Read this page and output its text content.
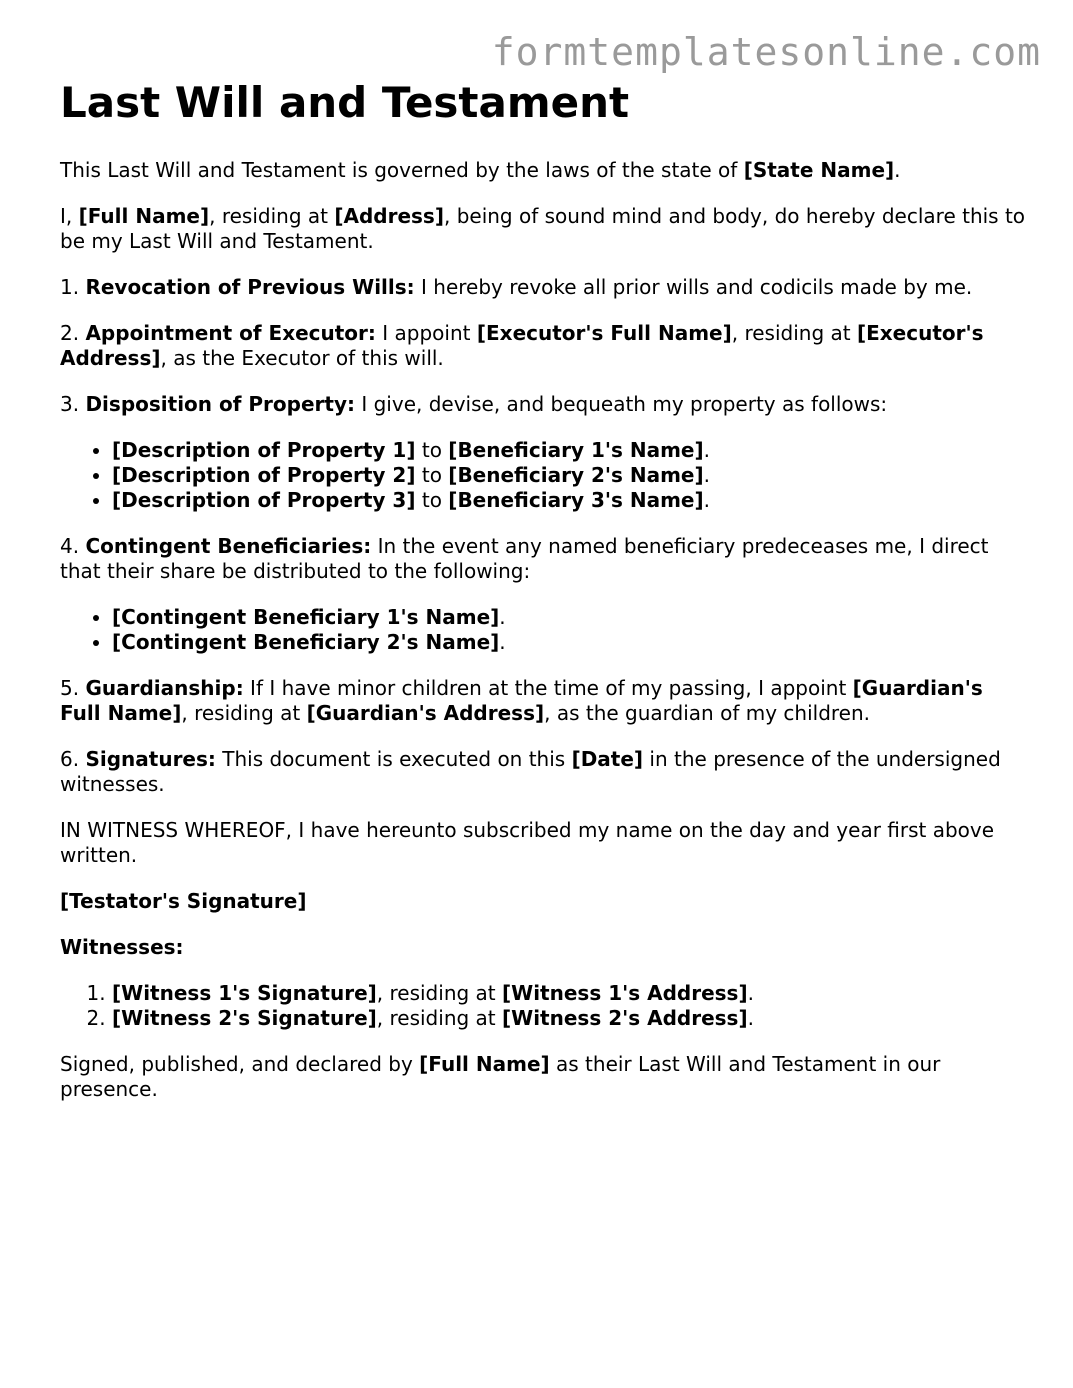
formtemplatesonline.com
Last Will and Testament

This Last Will and Testament is governed by the laws of the state of [State Name].

I, [Full Name], residing at [Address], being of sound mind and body, do hereby declare this to be my Last Will and Testament.

1. Revocation of Previous Wills: I hereby revoke all prior wills and codicils made by me.

2. Appointment of Executor: I appoint [Executor's Full Name], residing at [Executor's Address], as the Executor of this will.

3. Disposition of Property: I give, devise, and bequeath my property as follows:

• [Description of Property 1] to [Beneficiary 1's Name].
• [Description of Property 2] to [Beneficiary 2's Name].
• [Description of Property 3] to [Beneficiary 3's Name].

4. Contingent Beneficiaries: In the event any named beneficiary predeceases me, I direct that their share be distributed to the following:

• [Contingent Beneficiary 1's Name].
• [Contingent Beneficiary 2's Name].

5. Guardianship: If I have minor children at the time of my passing, I appoint [Guardian's Full Name], residing at [Guardian's Address], as the guardian of my children.

6. Signatures: This document is executed on this [Date] in the presence of the undersigned witnesses.

IN WITNESS WHEREOF, I have hereunto subscribed my name on the day and year first above written.

[Testator's Signature]

Witnesses:

1. [Witness 1's Signature], residing at [Witness 1's Address].
2. [Witness 2's Signature], residing at [Witness 2's Address].

Signed, published, and declared by [Full Name] as their Last Will and Testament in our presence.
